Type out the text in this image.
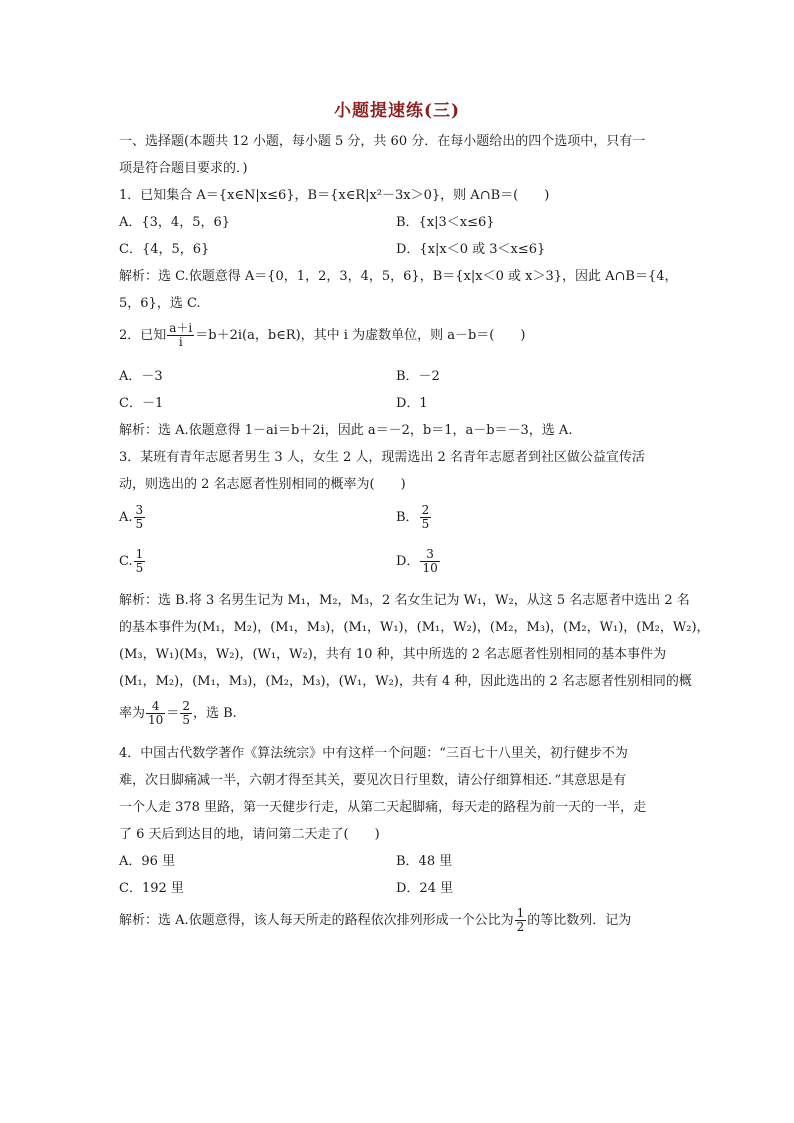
小题提速练(三)
一、选择题(本题共 12 小题，每小题 5 分，共 60 分．在每小题给出的四个选项中，只有一
项是符合题目要求的．)
1．已知集合 A＝{x∈N|x≤6}，B＝{x∈R|x²－3x＞0}，则 A∩B＝(　　)
A．{3，4，5，6}	B．{x|3＜x≤6}
C．{4，5，6}	D．{x|x＜0 或 3＜x≤6}
解析：选 C.依题意得 A＝{0，1，2，3，4，5，6}，B＝{x|x＜0 或 x＞3}，因此 A∩B＝{4，
5，6}，选 C.
2．已知 $\frac{a+i}{i} =b+2i(a$，b∈R)，其中 i 为虚数单位，则 a－b＝(　　)
A．－3	B．－2
C．－1	D．1
解析：选 A.依题意得 1－ai＝b＋2i，因此 a＝－2，b＝1，a－b＝－3，选 A.
3．某班有青年志愿者男生 3 人，女生 2 人，现需选出 2 名青年志愿者到社区做公益宣传活
动，则选出的 2 名志愿者性别相同的概率为(　　)
A. $\frac{3}{5}$	B． $\frac{2}{5}$
C. $\frac{1}{5}$	D． $\frac{3}{10}$
解析：选 B.将 3 名男生记为 M₁，M₂，M₃，2 名女生记为 W₁，W₂，从这 5 名志愿者中选出 2 名
的基本事件为(M₁，M₂)，(M₁，M₃)，(M₁，W₁)，(M₁，W₂)，(M₂，M₃)，(M₂，W₁)，(M₂，W₂)，
(M₃，W₁)(M₃，W₂)，(W₁，W₂)，共有 10 种，其中所选的 2 名志愿者性别相同的基本事件为
(M₁，M₂)，(M₁，M₃)，(M₂，M₃)，(W₁，W₂)，共有 4 种，因此选出的 2 名志愿者性别相同的概
率为 $\frac{4}{10} = \frac{2}{5}$ ，选 B.
4．中国古代数学著作《算法统宗》中有这样一个问题：“三百七十八里关，初行健步不为
难，次日脚痛减一半，六朝才得至其关，要见次日行里数，请公仔细算相还．”其意思是有
一个人走 378 里路，第一天健步行走，从第二天起脚痛，每天走的路程为前一天的一半，走
了 6 天后到达目的地，请问第二天走了(　　)
A．96 里	B．48 里
C．192 里	D．24 里
解析：选 A.依题意得，该人每天所走的路程依次排列形成一个公比为 $\frac{1}{2}$ 的等比数列．记为
